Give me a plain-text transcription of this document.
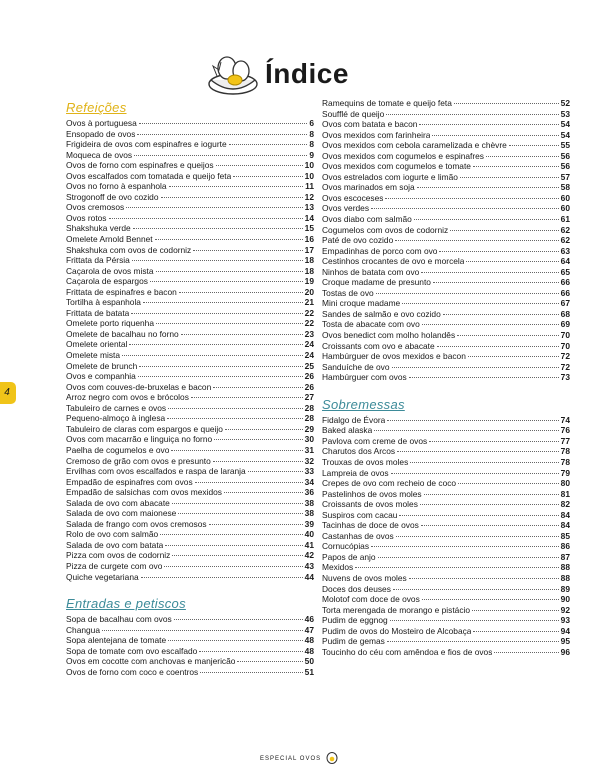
Índice
4
Refeições
Ovos à portuguesa	6
Ensopado de ovos	8
Frigideira de ovos com espinafres e iogurte	8
Moqueca de ovos	9
Ovos de forno com espinafres e queijos	10
Ovos escalfados com tomatada e queijo feta	10
Ovos no forno à espanhola	11
Strogonoff de ovo cozido	12
Ovos cremosos	13
Ovos rotos	14
Shakshuka verde	15
Omelete Arnold Bennet	16
Shakshuka com ovos de codorniz	17
Frittata da Pérsia	18
Caçarola de ovos mista	18
Caçarola de espargos	19
Frittata de espinafres e bacon	20
Tortilha à espanhola	21
Frittata de batata	22
Omelete porto riquenha	22
Omelete de bacalhau no forno	23
Omelete oriental	24
Omelete mista	24
Omelete de brunch	25
Ovos e companhia	26
Ovos com couves-de-bruxelas e bacon	26
Arroz negro com ovos e brócolos	27
Tabuleiro de carnes e ovos	28
Pequeno-almoço à inglesa	28
Tabuleiro de claras com espargos e queijo	29
Ovos com macarrão e linguiça no forno	30
Paelha de cogumelos e ovo	31
Cremoso de grão com ovos e presunto	32
Ervilhas com ovos escalfados e raspa de laranja	33
Empadão de espinafres com ovos	34
Empadão de salsichas com ovos mexidos	36
Salada de ovo com abacate	38
Salada de ovo com maionese	38
Salada de frango com ovos cremosos	39
Rolo de ovo com salmão	40
Salada de ovo com batata	41
Pizza com ovos de codorniz	42
Pizza de curgete com ovo	43
Quiche vegetariana	44
Entradas e petiscos
Sopa de bacalhau com ovos	46
Changua	47
Sopa alentejana de tomate	48
Sopa de tomate com ovo escalfado	48
Ovos em cocotte com anchovas e manjericão	50
Ovos de forno com coco e coentros	51
Ramequins de tomate e queijo feta	52
Soufflé de queijo	53
Ovos com batata e bacon	54
Ovos mexidos com farinheira	54
Ovos mexidos com cebola caramelizada e chèvre	55
Ovos mexidos com cogumelos e espinafres	56
Ovos mexidos com cogumelos e tomate	56
Ovos estrelados com iogurte e limão	57
Ovos marinados em soja	58
Ovos escoceses	60
Ovos verdes	60
Ovos diabo com salmão	61
Cogumelos com ovos de codorniz	62
Paté de ovo cozido	62
Empadinhas de porco com ovo	63
Cestinhos crocantes de ovo e morcela	64
Ninhos de batata com ovo	65
Croque madame de presunto	66
Tostas de ovo	66
Mini croque madame	67
Sandes de salmão e ovo cozido	68
Tosta de abacate com ovo	69
Ovos benedict com molho holandês	70
Croissants com ovo e abacate	70
Hambúrguer de ovos mexidos e bacon	72
Sanduíche de ovo	72
Hambúrguer com ovos	73
Sobremessas
Fidalgo de Évora	74
Baked alaska	76
Pavlova com creme de ovos	77
Charutos dos Arcos	78
Trouxas de ovos moles	78
Lampreia de ovos	79
Crepes de ovo com recheio de coco	80
Pastelinhos de ovos moles	81
Croissants de ovos moles	82
Suspiros com cacau	84
Tacinhas de doce de ovos	84
Castanhas de ovos	85
Cornucópias	86
Papos de anjo	87
Mexidos	88
Nuvens de ovos moles	88
Doces dos deuses	89
Molotof com doce de ovos	90
Torta merengada de morango e pistácio	92
Pudim de eggnog	93
Pudim de ovos do Mosteiro de Alcobaça	94
Pudim de gemas	95
Toucinho do céu com amêndoa e fios de ovos	96
ESPECIAL OVOS
